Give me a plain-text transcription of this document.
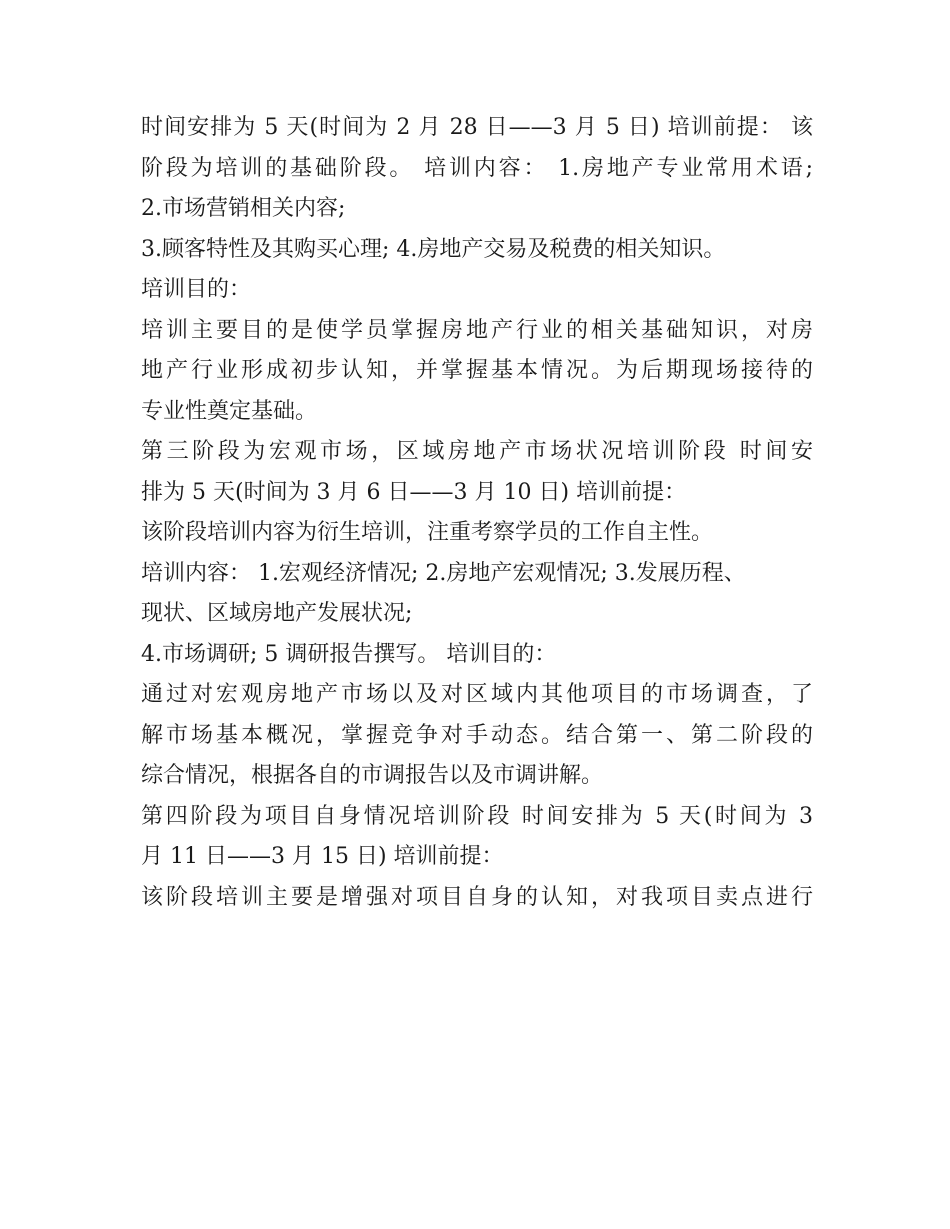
时间安排为 5 天(时间为 2 月 28 日——3 月 5 日) 培训前提： 该
阶段为培训的基础阶段。 培训内容： 1.房地产专业常用术语;
2.市场营销相关内容;
3.顾客特性及其购买心理; 4.房地产交易及税费的相关知识。
培训目的：
培训主要目的是使学员掌握房地产行业的相关基础知识，对房
地产行业形成初步认知，并掌握基本情况。为后期现场接待的
专业性奠定基础。
第三阶段为宏观市场，区域房地产市场状况培训阶段 时间安
排为 5 天(时间为 3 月 6 日——3 月 10 日) 培训前提：
该阶段培训内容为衍生培训，注重考察学员的工作自主性。
培训内容： 1.宏观经济情况; 2.房地产宏观情况; 3.发展历程、
现状、区域房地产发展状况;
4.市场调研; 5 调研报告撰写。 培训目的：
通过对宏观房地产市场以及对区域内其他项目的市场调查，了
解市场基本概况，掌握竞争对手动态。结合第一、第二阶段的
综合情况，根据各自的市调报告以及市调讲解。
第四阶段为项目自身情况培训阶段 时间安排为 5 天(时间为 3
月 11 日——3 月 15 日) 培训前提：
该阶段培训主要是增强对项目自身的认知，对我项目卖点进行
